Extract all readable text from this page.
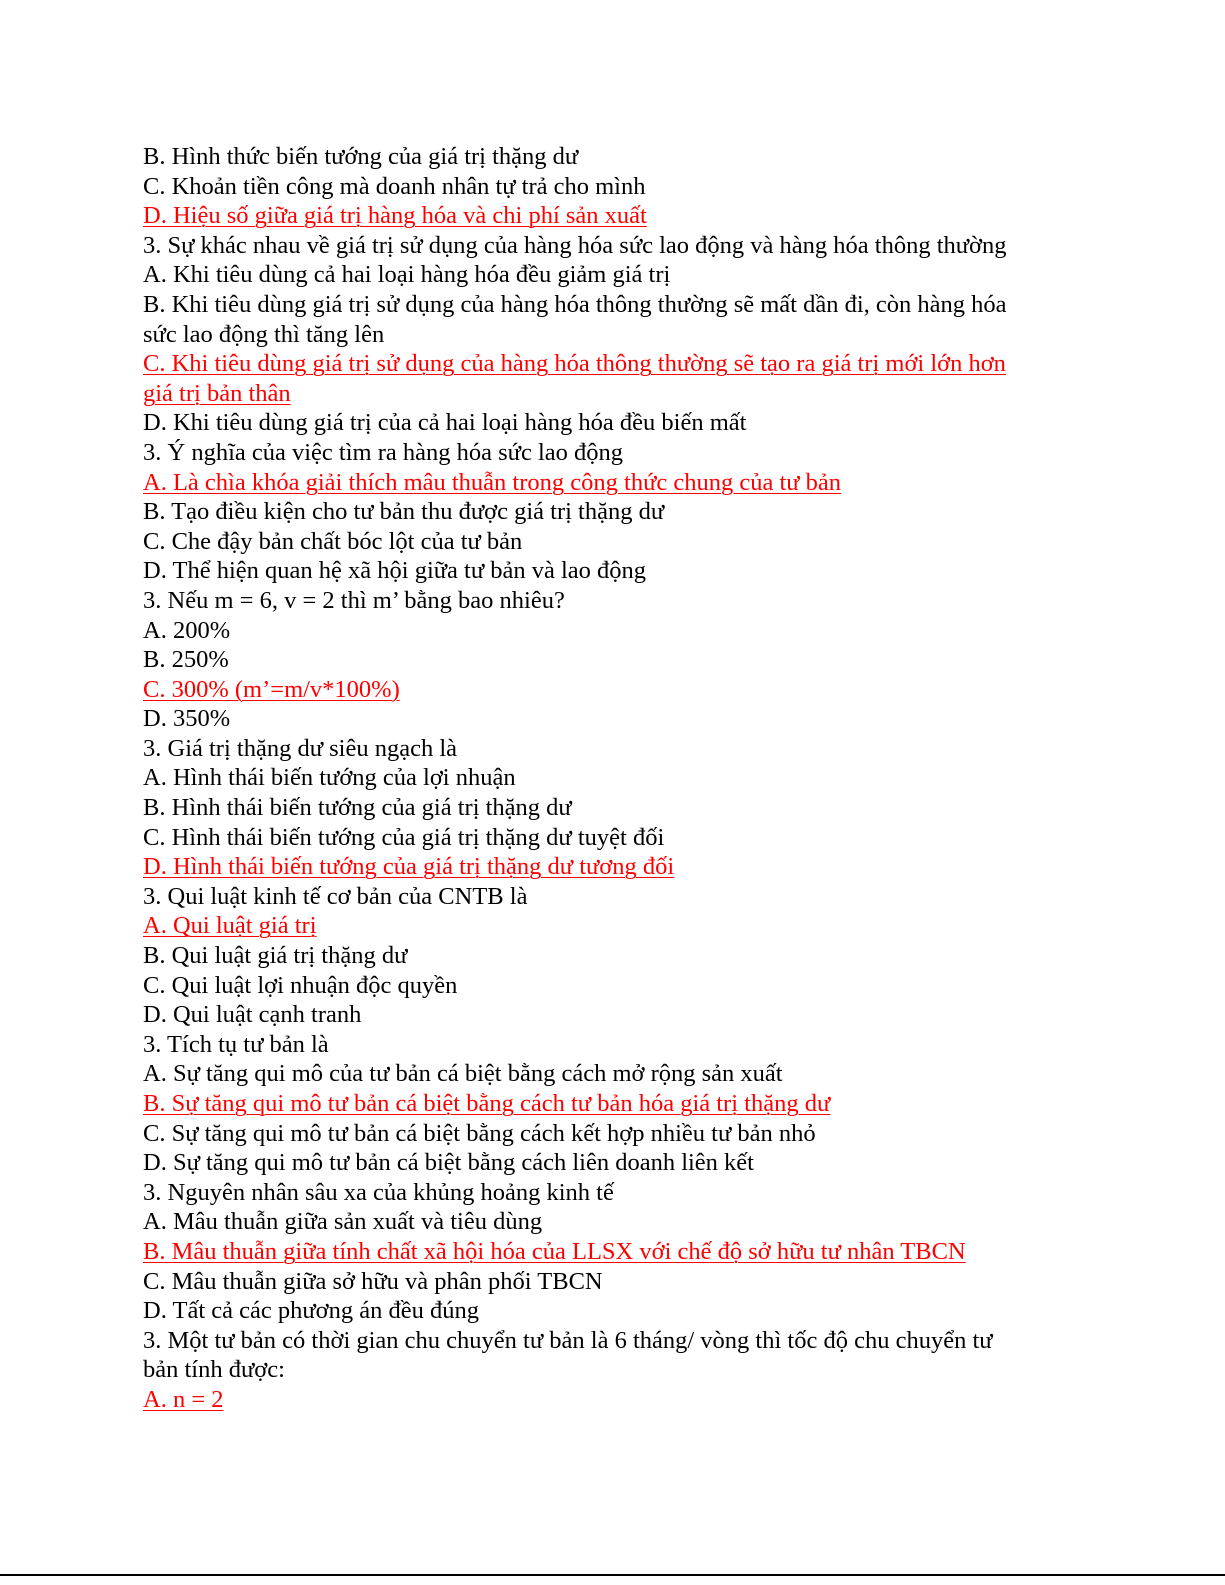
B. Hình thức biến tướng của giá trị thặng dư
C. Khoản tiền công mà doanh nhân tự trả cho mình
D. Hiệu số giữa giá trị hàng hóa và chi phí sản xuất
3. Sự khác nhau về giá trị sử dụng của hàng hóa sức lao động và hàng hóa thông thường
A. Khi tiêu dùng cả hai loại hàng hóa đều giảm giá trị
B. Khi tiêu dùng giá trị sử dụng của hàng hóa thông thường sẽ mất dần đi, còn hàng hóa
sức lao động thì tăng lên
C. Khi tiêu dùng giá trị sử dụng của hàng hóa thông thường sẽ tạo ra giá trị mới lớn hơn
giá trị bản thân
D. Khi tiêu dùng giá trị của cả hai loại hàng hóa đều biến mất
3. Ý nghĩa của việc tìm ra hàng hóa sức lao động
A. Là chìa khóa giải thích mâu thuẫn trong công thức chung của tư bản
B. Tạo điều kiện cho tư bản thu được giá trị thặng dư
C. Che đậy bản chất bóc lột của tư bản
D. Thể hiện quan hệ xã hội giữa tư bản và lao động
3. Nếu m = 6, v = 2 thì m’ bằng bao nhiêu?
A. 200%
B. 250%
C. 300% (m’=m/v*100%)
D. 350%
3. Giá trị thặng dư siêu ngạch là
A. Hình thái biến tướng của lợi nhuận
B. Hình thái biến tướng của giá trị thặng dư
C. Hình thái biến tướng của giá trị thặng dư tuyệt đối
D. Hình thái biến tướng của giá trị thặng dư tương đối
3. Qui luật kinh tế cơ bản của CNTB là
A. Qui luật giá trị
B. Qui luật giá trị thặng dư
C. Qui luật lợi nhuận độc quyền
D. Qui luật cạnh tranh
3. Tích tụ tư bản là
A. Sự tăng qui mô của tư bản cá biệt bằng cách mở rộng sản xuất
B. Sự tăng qui mô tư bản cá biệt bằng cách tư bản hóa giá trị thặng dư
C. Sự tăng qui mô tư bản cá biệt bằng cách kết hợp nhiều tư bản nhỏ
D. Sự tăng qui mô tư bản cá biệt bằng cách liên doanh liên kết
3. Nguyên nhân sâu xa của khủng hoảng kinh tế
A. Mâu thuẫn giữa sản xuất và tiêu dùng
B. Mâu thuẫn giữa tính chất xã hội hóa của LLSX với chế độ sở hữu tư nhân TBCN
C. Mâu thuẫn giữa sở hữu và phân phối TBCN
D. Tất cả các phương án đều đúng
3. Một tư bản có thời gian chu chuyển tư bản là 6 tháng/ vòng thì tốc độ chu chuyển tư
bản tính được:
A. n = 2
